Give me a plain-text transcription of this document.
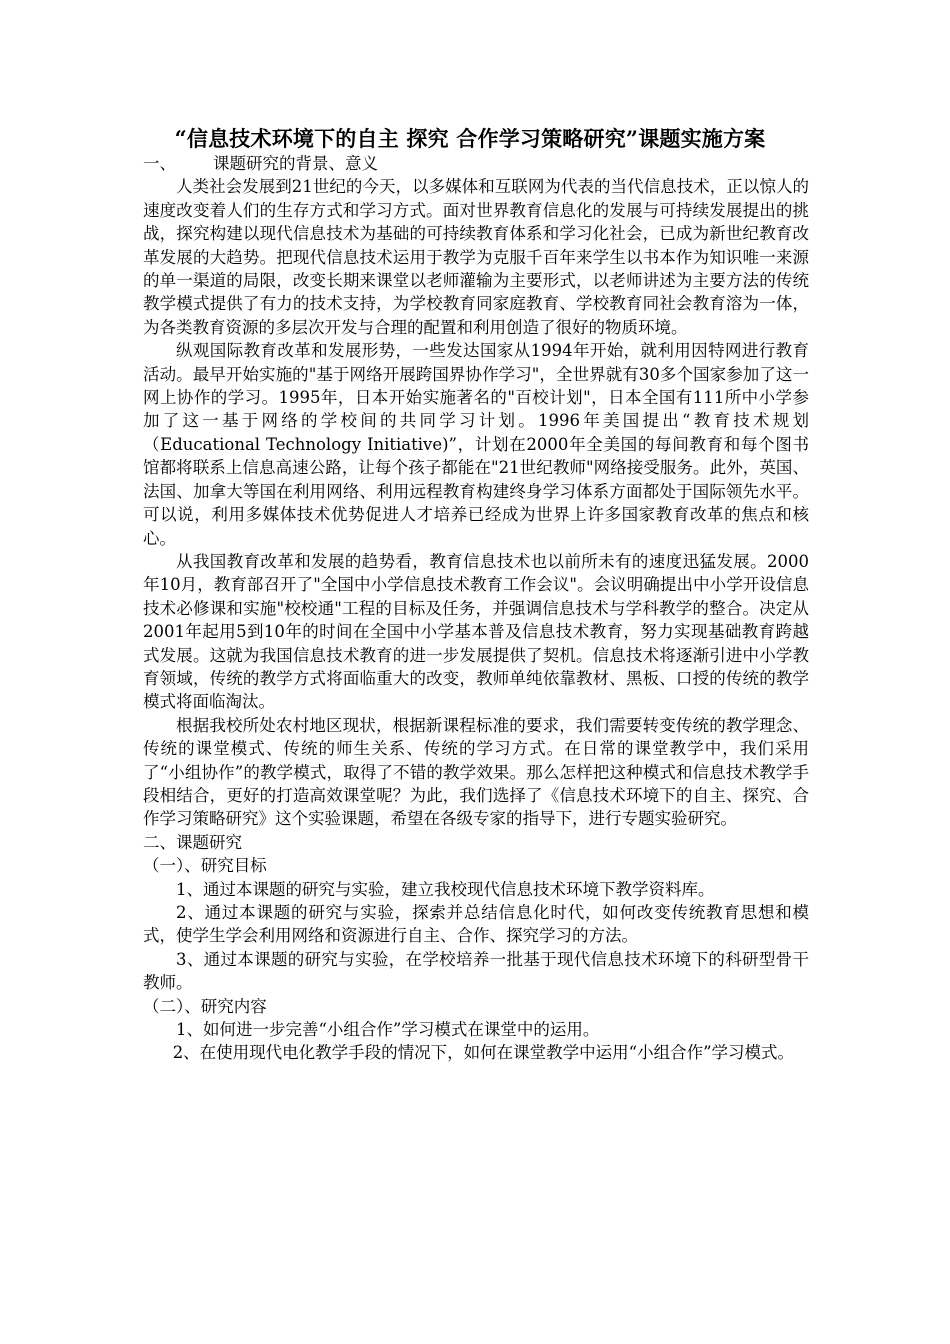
“信息技术环境下的自主 探究 合作学习策略研究”课题实施方案

一、 课题研究的背景、意义

人类社会发展到21世纪的今天，以多媒体和互联网为代表的当代信息技术，正以惊人的速度改变着人们的生存方式和学习方式。面对世界教育信息化的发展与可持续发展提出的挑战，探究构建以现代信息技术为基础的可持续教育体系和学习化社会，已成为新世纪教育改革发展的大趋势。把现代信息技术运用于教学为克服千百年来学生以书本作为知识唯一来源的单一渠道的局限，改变长期来课堂以老师灌输为主要形式，以老师讲述为主要方法的传统教学模式提供了有力的技术支持，为学校教育同家庭教育、学校教育同社会教育溶为一体，为各类教育资源的多层次开发与合理的配置和利用创造了很好的物质环境。

纵观国际教育改革和发展形势，一些发达国家从1994年开始，就利用因特网进行教育活动。最早开始实施的"基于网络开展跨国界协作学习"，全世界就有30多个国家参加了这一网上协作的学习。1995年，日本开始实施著名的"百校计划"，日本全国有111所中小学参加了这一基于网络的学校间的共同学习计划。1996年美国提出“教育技术规划（Educational Technology Initiative)”，计划在2000年全美国的每间教育和每个图书馆都将联系上信息高速公路，让每个孩子都能在"21世纪教师"网络接受服务。此外，英国、法国、加拿大等国在利用网络、利用远程教育构建终身学习体系方面都处于国际领先水平。可以说，利用多媒体技术优势促进人才培养已经成为世界上许多国家教育改革的焦点和核心。

从我国教育改革和发展的趋势看，教育信息技术也以前所未有的速度迅猛发展。2000年10月，教育部召开了"全国中小学信息技术教育工作会议"。会议明确提出中小学开设信息技术必修课和实施"校校通"工程的目标及任务，并强调信息技术与学科教学的整合。决定从2001年起用5到10年的时间在全国中小学基本普及信息技术教育，努力实现基础教育跨越式发展。这就为我国信息技术教育的进一步发展提供了契机。信息技术将逐渐引进中小学教育领域，传统的教学方式将面临重大的改变，教师单纯依靠教材、黑板、口授的传统的教学模式将面临淘汰。

根据我校所处农村地区现状，根据新课程标准的要求，我们需要转变传统的教学理念、传统的课堂模式、传统的师生关系、传统的学习方式。在日常的课堂教学中，我们采用了“小组协作”的教学模式，取得了不错的教学效果。那么怎样把这种模式和信息技术教学手段相结合，更好的打造高效课堂呢？为此，我们选择了《信息技术环境下的自主、探究、合作学习策略研究》这个实验课题，希望在各级专家的指导下，进行专题实验研究。

二、课题研究

（一）、研究目标

1、通过本课题的研究与实验，建立我校现代信息技术环境下教学资料库。

2、通过本课题的研究与实验，探索并总结信息化时代，如何改变传统教育思想和模式，使学生学会利用网络和资源进行自主、合作、探究学习的方法。

3、通过本课题的研究与实验，在学校培养一批基于现代信息技术环境下的科研型骨干教师。

（二）、研究内容

1、如何进一步完善“小组合作”学习模式在课堂中的运用。

2、在使用现代电化教学手段的情况下，如何在课堂教学中运用“小组合作”学习模式。
